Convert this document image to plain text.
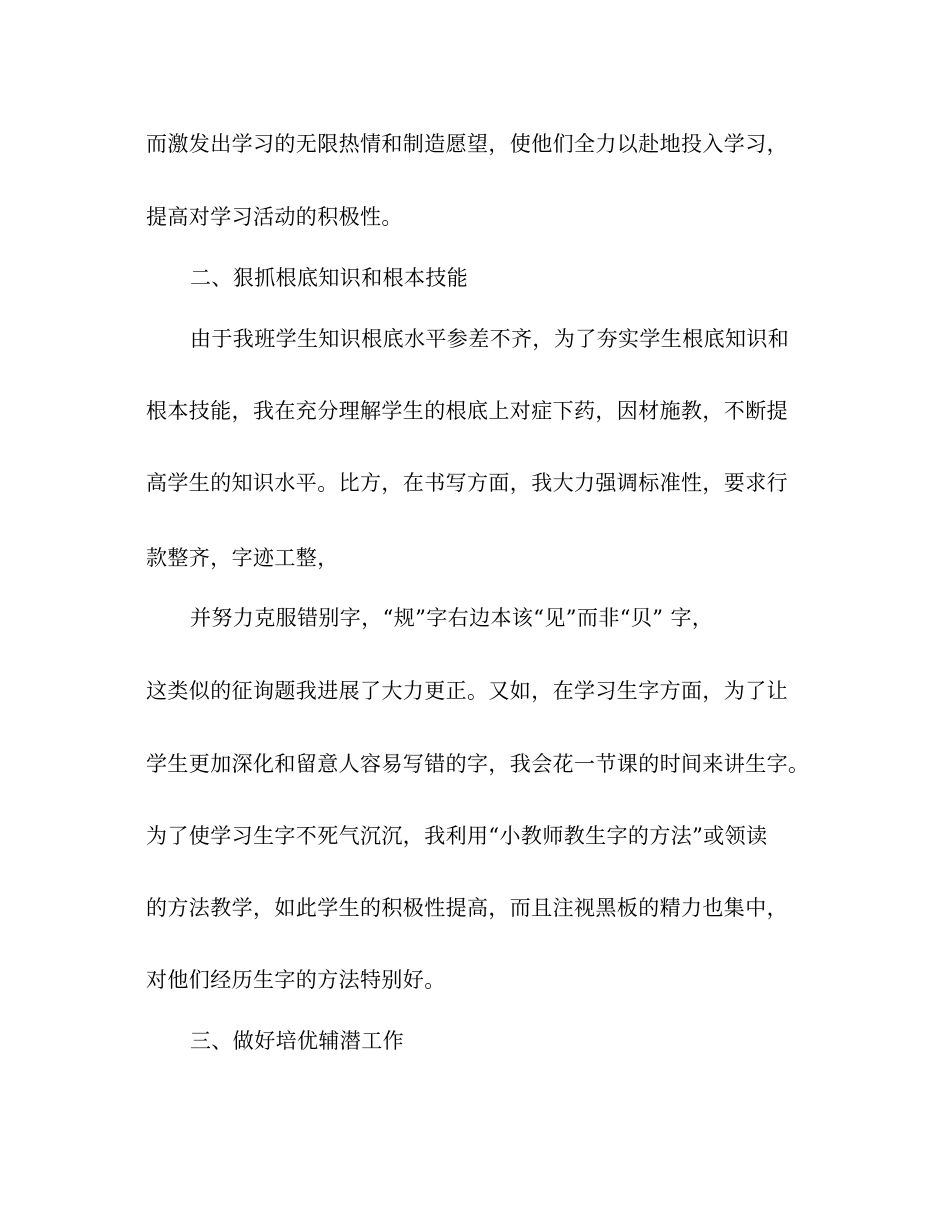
而激发出学习的无限热情和制造愿望，使他们全力以赴地投入学习，
提高对学习活动的积极性。
二、狠抓根底知识和根本技能
由于我班学生知识根底水平参差不齐，为了夯实学生根底知识和
根本技能，我在充分理解学生的根底上对症下药，因材施教，不断提
高学生的知识水平。比方，在书写方面，我大力强调标准性，要求行
款整齐，字迹工整，
并努力克服错别字，“规”字右边本该“见”而非“贝” 字，
这类似的征询题我进展了大力更正。又如，在学习生字方面，为了让
学生更加深化和留意人容易写错的字，我会花一节课的时间来讲生字。
为了使学习生字不死气沉沉，我利用“小教师教生字的方法”或领读
的方法教学，如此学生的积极性提高，而且注视黑板的精力也集中，
对他们经历生字的方法特别好。
三、做好培优辅潜工作
